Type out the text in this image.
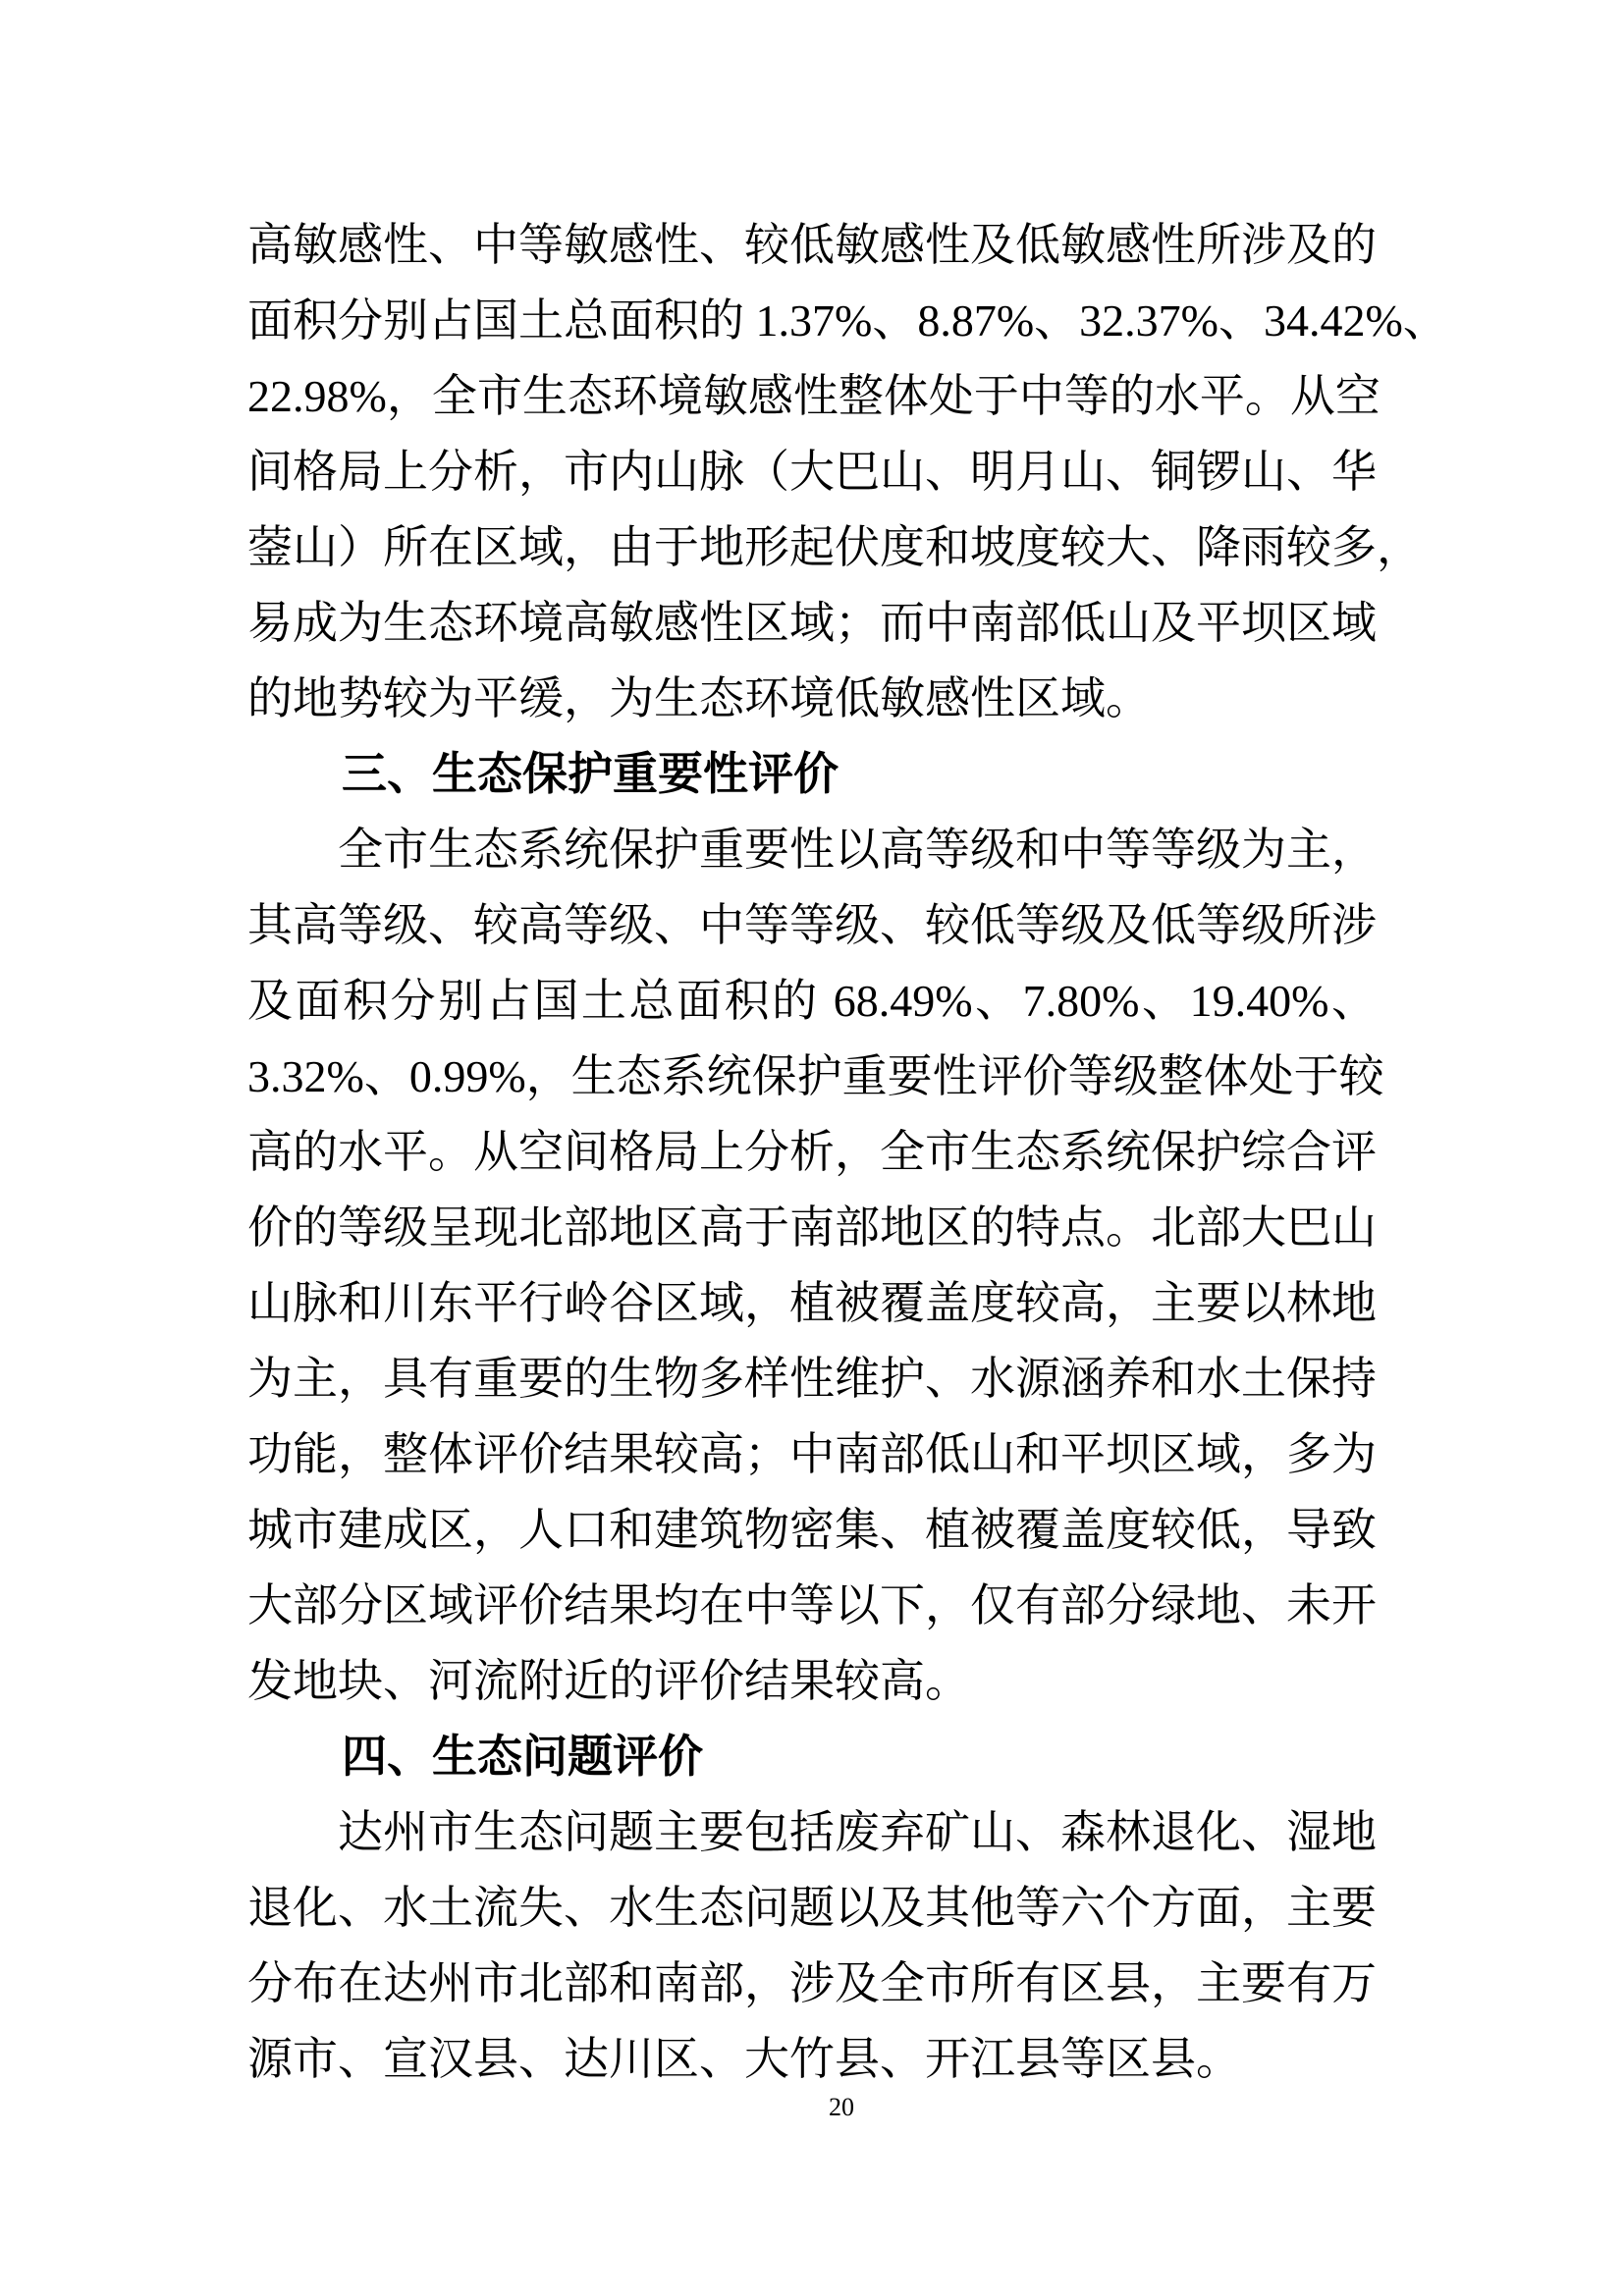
高敏感性、中等敏感性、较低敏感性及低敏感性所涉及的
面积分别占国土总面积的 1.37%、8.87%、32.37%、34.42%、
22.98%，全市生态环境敏感性整体处于中等的水平。从空
间格局上分析，市内山脉（大巴山、明月山、铜锣山、华
蓥山）所在区域，由于地形起伏度和坡度较大、降雨较多，
易成为生态环境高敏感性区域；而中南部低山及平坝区域
的地势较为平缓，为生态环境低敏感性区域。
三、生态保护重要性评价
全市生态系统保护重要性以高等级和中等等级为主，
其高等级、较高等级、中等等级、较低等级及低等级所涉
及面积分别占国土总面积的 68.49%、7.80%、19.40%、
3.32%、0.99%，生态系统保护重要性评价等级整体处于较
高的水平。从空间格局上分析，全市生态系统保护综合评
价的等级呈现北部地区高于南部地区的特点。北部大巴山
山脉和川东平行岭谷区域，植被覆盖度较高，主要以林地
为主，具有重要的生物多样性维护、水源涵养和水土保持
功能，整体评价结果较高；中南部低山和平坝区域，多为
城市建成区，人口和建筑物密集、植被覆盖度较低，导致
大部分区域评价结果均在中等以下，仅有部分绿地、未开
发地块、河流附近的评价结果较高。
四、生态问题评价
达州市生态问题主要包括废弃矿山、森林退化、湿地
退化、水土流失、水生态问题以及其他等六个方面，主要
分布在达州市北部和南部，涉及全市所有区县，主要有万
源市、宣汉县、达川区、大竹县、开江县等区县。
20
